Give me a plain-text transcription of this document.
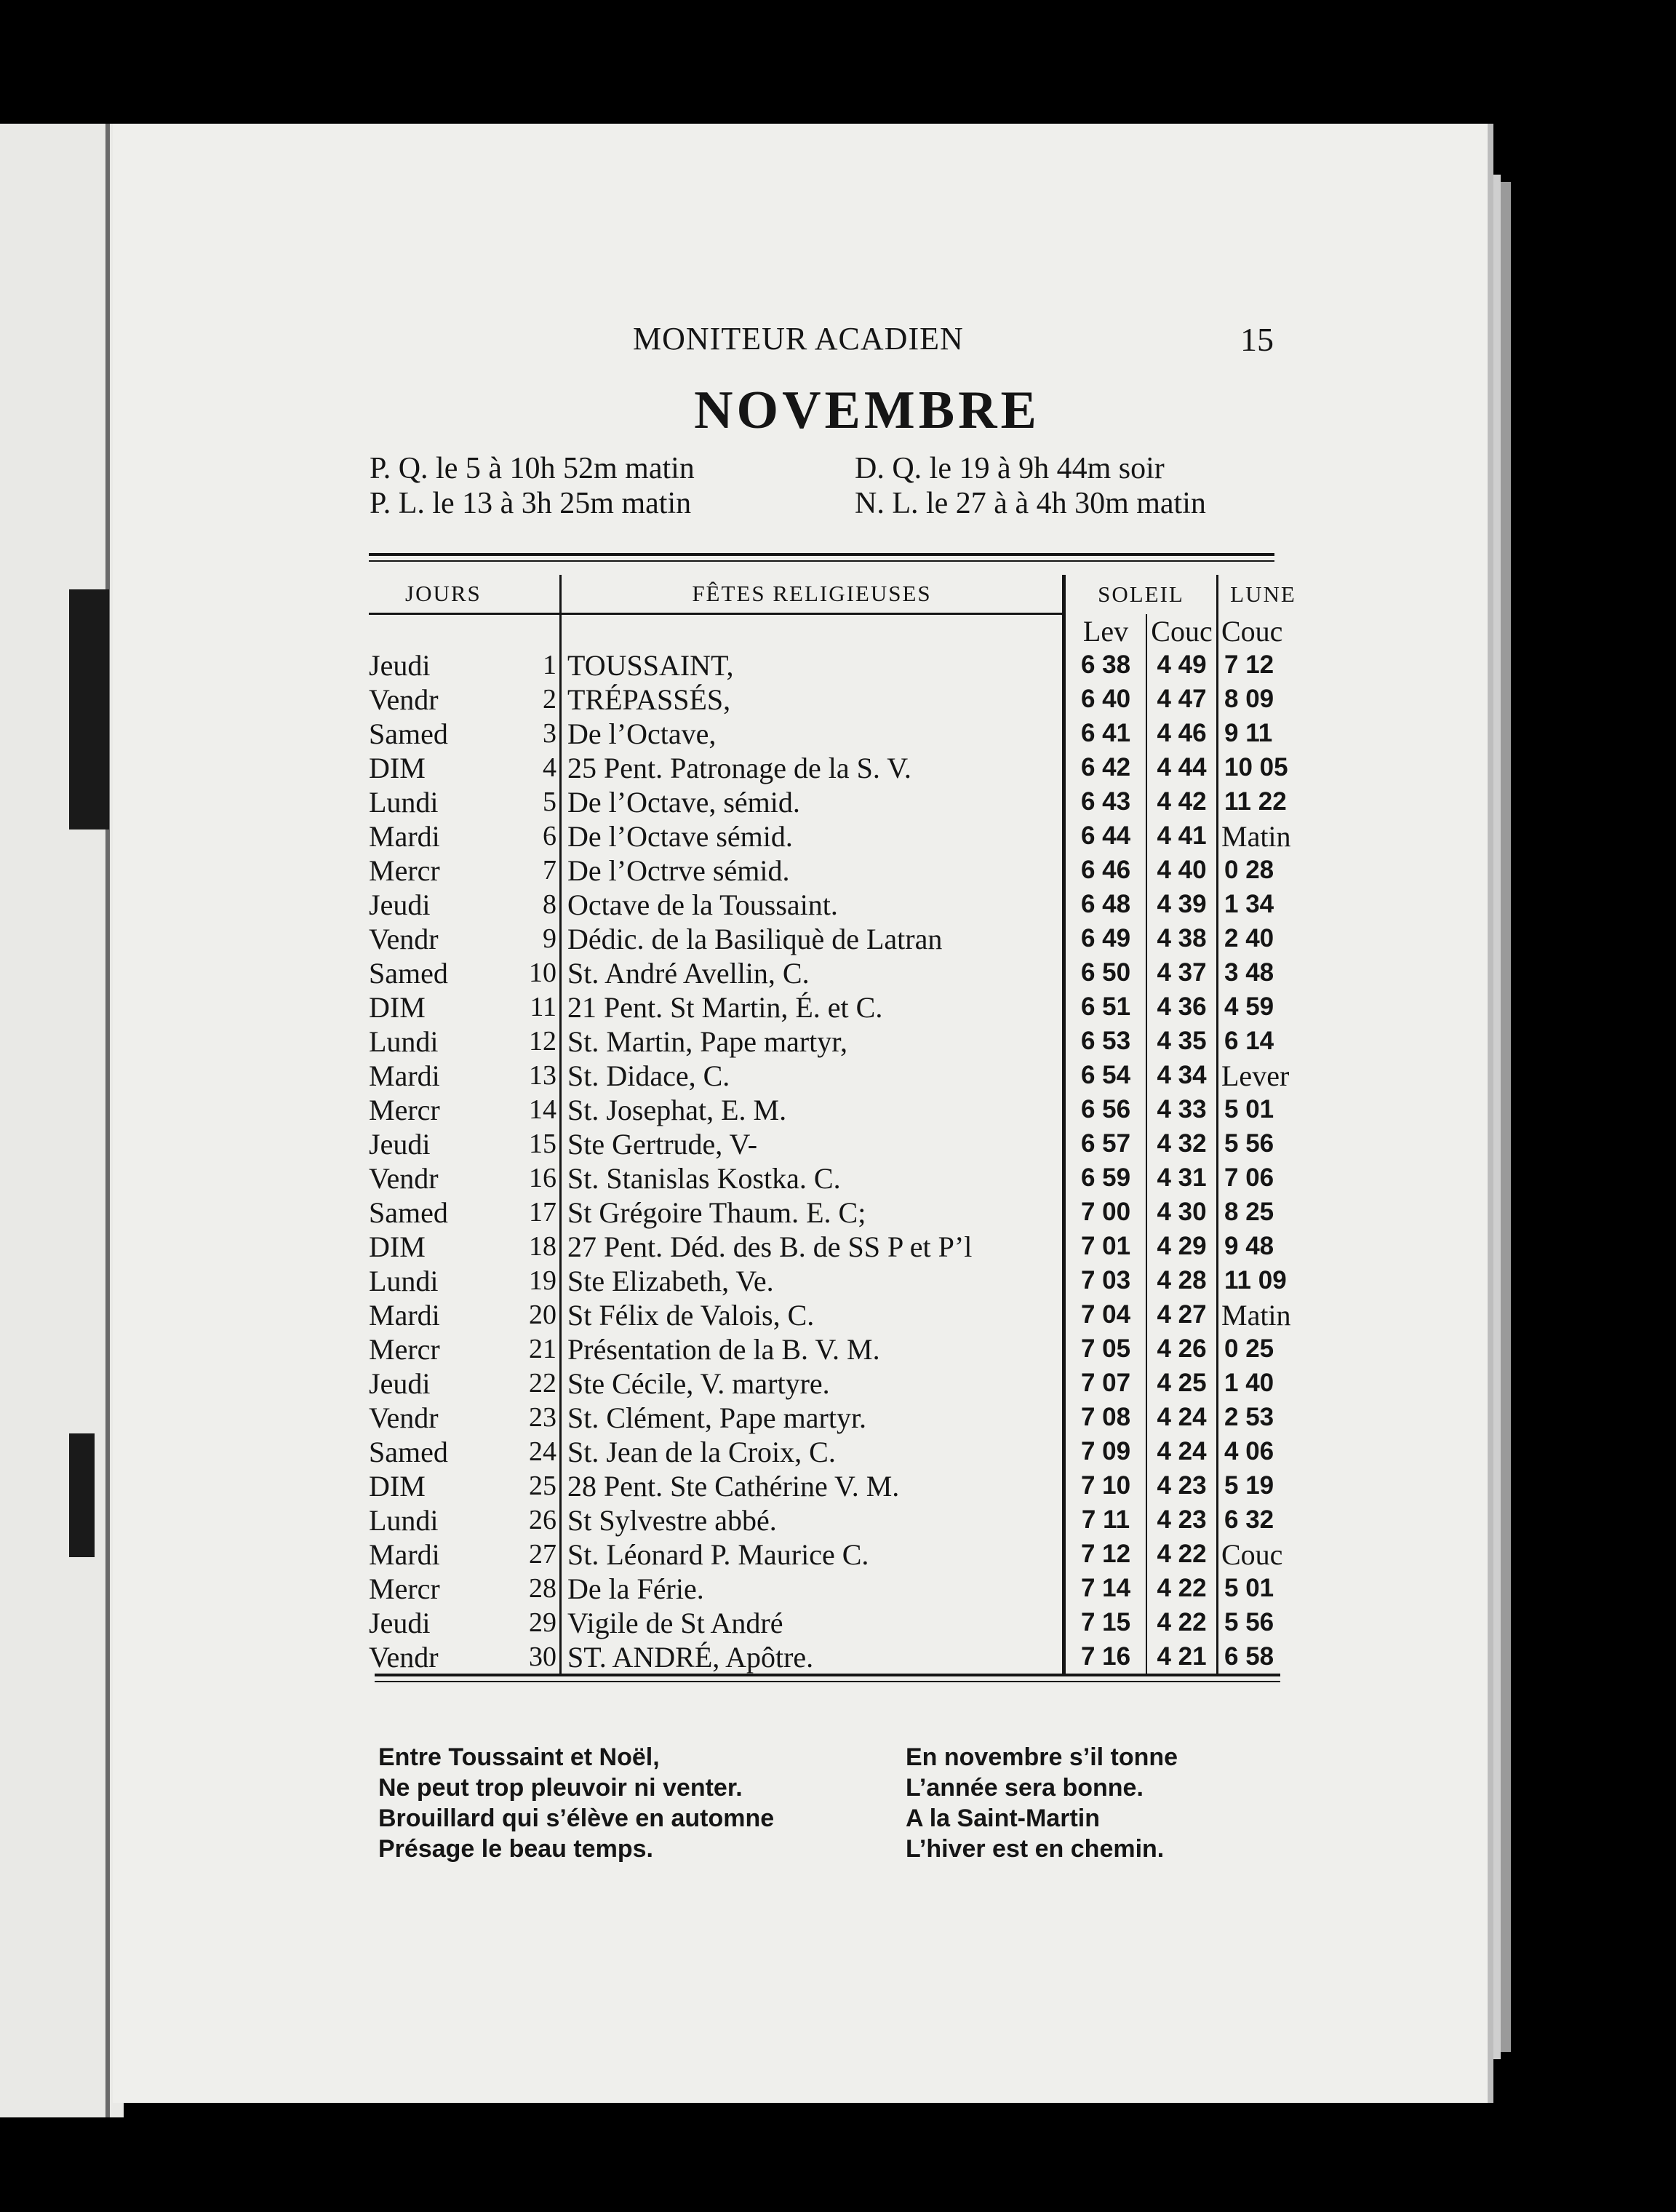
MONITEUR ACADIEN	15
NOVEMBRE
P. Q. le 5 à 10h 52m matin
P. L. le 13 à 3h 25m matin
D. Q. le 19 à 9h 44m soir
N. L. le 27 à à 4h 30m matin
JOURS		FÊTES RELIGIEUSES	SOLEIL		LUNE
			Lev	Couc	Couc
Jeudi	1	TOUSSAINT,	6 38	4 49	7 12
Vendr	2	TRÉPASSÉS,	6 40	4 47	8 09
Samed	3	De l’Octave,	6 41	4 46	9 11
DIM	4	25 Pent. Patronage de la S. V.	6 42	4 44	10 05
Lundi	5	De l’Octave, sémid.	6 43	4 42	11 22
Mardi	6	De l’Octave sémid.	6 44	4 41	Matin
Mercr	7	De l’Octrve sémid.	6 46	4 40	0 28
Jeudi	8	Octave de la Toussaint.	6 48	4 39	1 34
Vendr	9	Dédic. de la Basiliquè de Latran	6 49	4 38	2 40
Samed	10	St. André Avellin, C.	6 50	4 37	3 48
DIM	11	21 Pent. St Martin, É. et C.	6 51	4 36	4 59
Lundi	12	St. Martin, Pape martyr,	6 53	4 35	6 14
Mardi	13	St. Didace, C.	6 54	4 34	Lever
Mercr	14	St. Josephat, E. M.	6 56	4 33	5 01
Jeudi	15	Ste Gertrude, V-	6 57	4 32	5 56
Vendr	16	St. Stanislas Kostka. C.	6 59	4 31	7 06
Samed	17	St Grégoire Thaum. E. C;	7 00	4 30	8 25
DIM	18	27 Pent. Déd. des B. de SS P et P’l	7 01	4 29	9 48
Lundi	19	Ste Elizabeth, Ve.	7 03	4 28	11 09
Mardi	20	St Félix de Valois, C.	7 04	4 27	Matin
Mercr	21	Présentation de la B. V. M.	7 05	4 26	0 25
Jeudi	22	Ste Cécile, V. martyre.	7 07	4 25	1 40
Vendr	23	St. Clément, Pape martyr.	7 08	4 24	2 53
Samed	24	St. Jean de la Croix, C.	7 09	4 24	4 06
DIM	25	28 Pent. Ste Cathérine V. M.	7 10	4 23	5 19
Lundi	26	St Sylvestre abbé.	7 11	4 23	6 32
Mardi	27	St. Léonard P. Maurice C.	7 12	4 22	Couc
Mercr	28	De la Férie.	7 14	4 22	5 01
Jeudi	29	Vigile de St André	7 15	4 22	5 56
Vendr	30	ST. ANDRÉ, Apôtre.	7 16	4 21	6 58
Entre Toussaint et Noël,
Ne peut trop pleuvoir ni venter.
Brouillard qui s’élève en automne
Présage le beau temps.
En novembre s’il tonne
L’année sera bonne.
A la Saint-Martin
L’hiver est en chemin.
